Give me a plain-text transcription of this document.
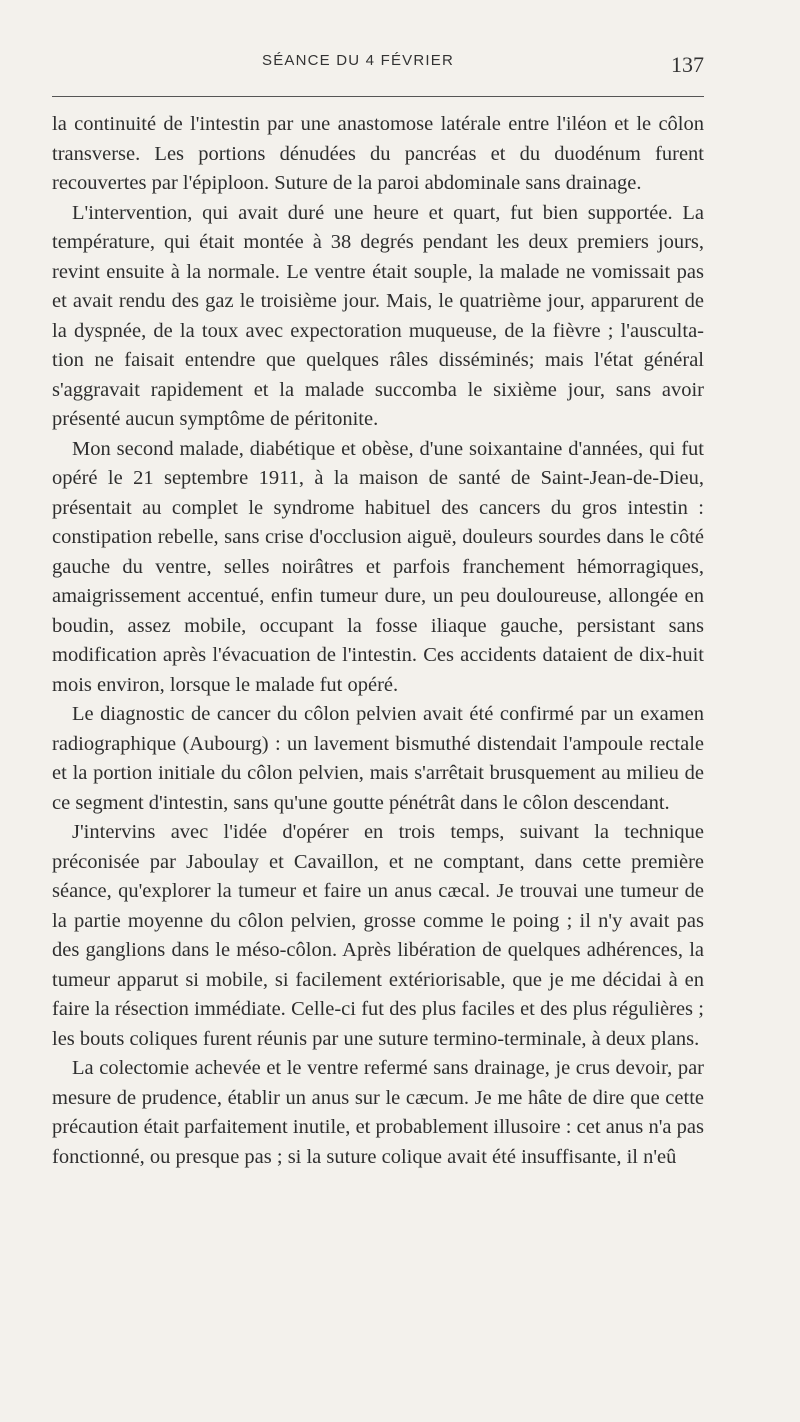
SÉANCE DU 4 FÉVRIER	137

la continuité de l'intestin par une anastomose latérale entre l'iléon et le côlon transverse. Les portions dénudées du pancréas et du duodénum furent recouvertes par l'épiploon. Suture de la paroi abdominale sans drainage.

L'intervention, qui avait duré une heure et quart, fut bien supportée. La température, qui était montée à 38 degrés pendant les deux premiers jours, revint ensuite à la normale. Le ventre était souple, la malade ne vomissait pas et avait rendu des gaz le troisième jour. Mais, le quatrième jour, apparurent de la dyspnée, de la toux avec expectoration muqueuse, de la fièvre ; l'ausculta-tion ne faisait entendre que quelques râles disséminés; mais l'état général s'aggravait rapidement et la malade succomba le sixième jour, sans avoir présenté aucun symptôme de péritonite.

Mon second malade, diabétique et obèse, d'une soixantaine d'années, qui fut opéré le 21 septembre 1911, à la maison de santé de Saint-Jean-de-Dieu, présentait au complet le syndrome habituel des cancers du gros intestin : constipation rebelle, sans crise d'occlusion aiguë, douleurs sourdes dans le côté gauche du ventre, selles noirâtres et parfois franchement hémorragiques, amaigrissement accentué, enfin tumeur dure, un peu douloureuse, allongée en boudin, assez mobile, occupant la fosse iliaque gauche, persistant sans modification après l'évacuation de l'intestin. Ces accidents dataient de dix-huit mois environ, lorsque le malade fut opéré.

Le diagnostic de cancer du côlon pelvien avait été confirmé par un examen radiographique (Aubourg) : un lavement bismuthé distendait l'ampoule rectale et la portion initiale du côlon pelvien, mais s'arrêtait brusquement au milieu de ce segment d'intestin, sans qu'une goutte pénétrât dans le côlon descendant.

J'intervins avec l'idée d'opérer en trois temps, suivant la technique préconisée par Jaboulay et Cavaillon, et ne comptant, dans cette première séance, qu'explorer la tumeur et faire un anus cæcal. Je trouvai une tumeur de la partie moyenne du côlon pelvien, grosse comme le poing ; il n'y avait pas des ganglions dans le méso-côlon. Après libération de quelques adhérences, la tumeur apparut si mobile, si facilement extériorisable, que je me décidai à en faire la résection immédiate. Celle-ci fut des plus faciles et des plus régulières ; les bouts coliques furent réunis par une suture termino-terminale, à deux plans.

La colectomie achevée et le ventre refermé sans drainage, je crus devoir, par mesure de prudence, établir un anus sur le cæcum. Je me hâte de dire que cette précaution était parfaitement inutile, et probablement illusoire : cet anus n'a pas fonctionné, ou presque pas ; si la suture colique avait été insuffisante, il n'eû
